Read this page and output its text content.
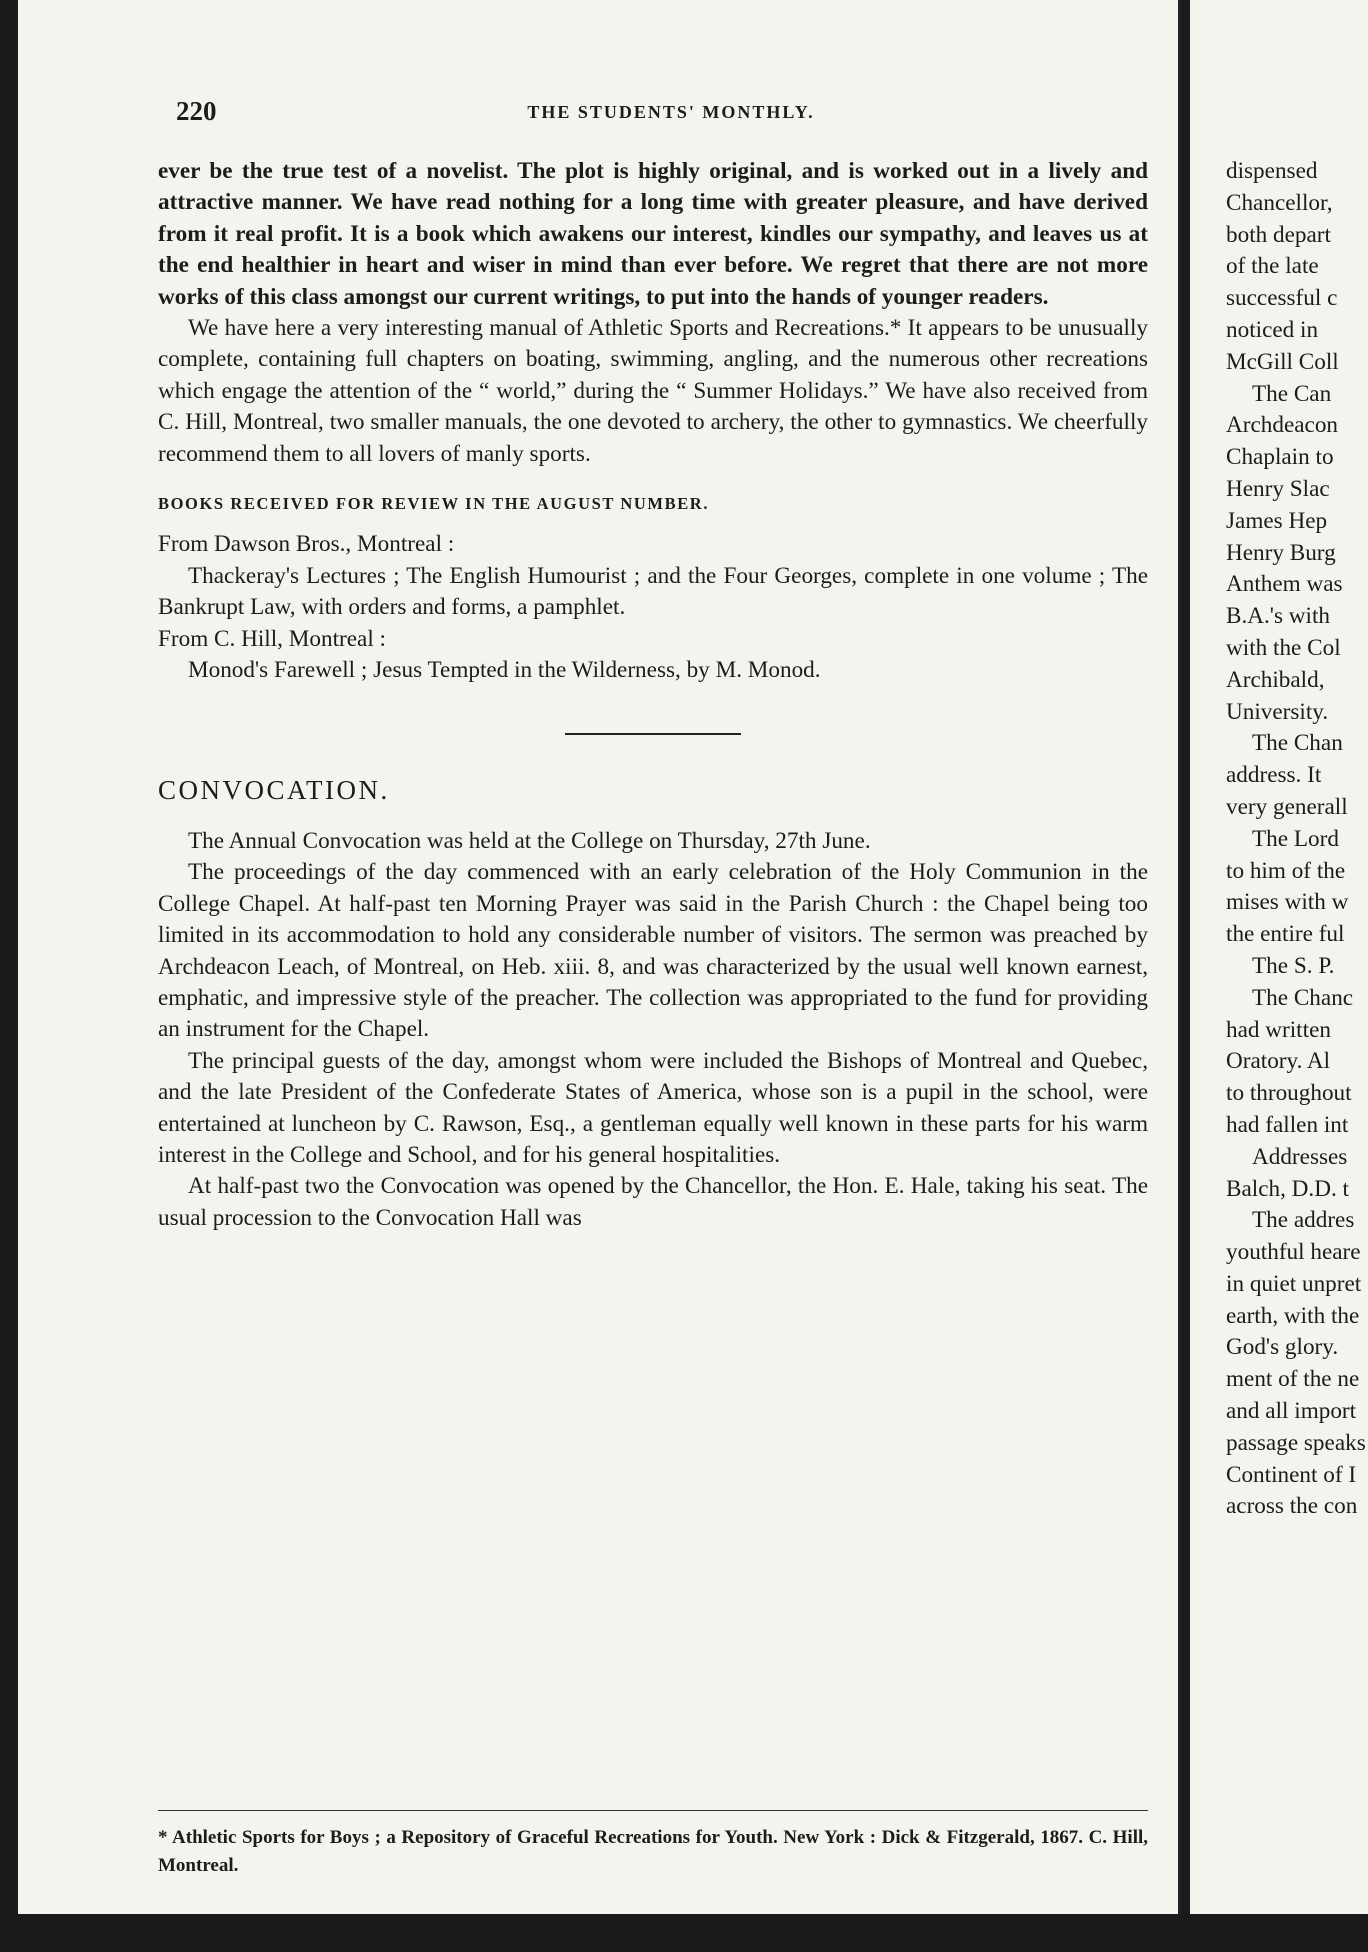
220	THE STUDENTS' MONTHLY.

ever be the true test of a novelist. The plot is highly original, and is worked out in a lively and attractive manner. We have read nothing for a long time with greater pleasure, and have derived from it real profit. It is a book which awakens our interest, kindles our sympathy, and leaves us at the end healthier in heart and wiser in mind than ever before. We regret that there are not more works of this class amongst our current writings, to put into the hands of younger readers.

We have here a very interesting manual of Athletic Sports and Recreations.* It appears to be unusually complete, containing full chapters on boating, swimming, angling, and the numerous other recreations which engage the attention of the “ world,” during the “ Summer Holidays.” We have also received from C. Hill, Montreal, two smaller manuals, the one devoted to archery, the other to gymnastics. We cheerfully recommend them to all lovers of manly sports.

BOOKS RECEIVED FOR REVIEW IN THE AUGUST NUMBER.

From Dawson Bros., Montreal :

Thackeray's Lectures ; The English Humourist ; and the Four Georges, complete in one volume ; The Bankrupt Law, with orders and forms, a pamphlet.

From C. Hill, Montreal :

Monod's Farewell ; Jesus Tempted in the Wilderness, by M. Monod.

CONVOCATION.

The Annual Convocation was held at the College on Thursday, 27th June.

The proceedings of the day commenced with an early celebration of the Holy Communion in the College Chapel. At half-past ten Morning Prayer was said in the Parish Church : the Chapel being too limited in its accommodation to hold any considerable number of visitors. The sermon was preached by Archdeacon Leach, of Montreal, on Heb. xiii. 8, and was characterized by the usual well known earnest, emphatic, and impressive style of the preacher. The collection was appropriated to the fund for providing an instrument for the Chapel.

The principal guests of the day, amongst whom were included the Bishops of Montreal and Quebec, and the late President of the Confederate States of America, whose son is a pupil in the school, were entertained at luncheon by C. Rawson, Esq., a gentleman equally well known in these parts for his warm interest in the College and School, and for his general hospitalities.

At half-past two the Convocation was opened by the Chancellor, the Hon. E. Hale, taking his seat. The usual procession to the Convocation Hall was

* Athletic Sports for Boys ; a Repository of Graceful Recreations for Youth. New York : Dick & Fitzgerald, 1867. C. Hill, Montreal.
dispensed
Chancellor,
both depart
of the late
successful c
noticed in
McGill Coll
The Can
Archdeacon
Chaplain to
Henry Slac
James Hep
Henry Burg
Anthem was
B.A.'s with
with the Col
Archibald,
University.
The Chan
address. It
very generall
The Lord
to him of the
mises with w
the entire ful
The S. P.
The Chanc
had written
Oratory. Al
to throughout
had fallen int
Addresses
Balch, D.D. t
The addres
youthful heare
in quiet unpret
earth, with the
God's glory.
ment of the ne
and all import
passage speaks
Continent of I
across the con
